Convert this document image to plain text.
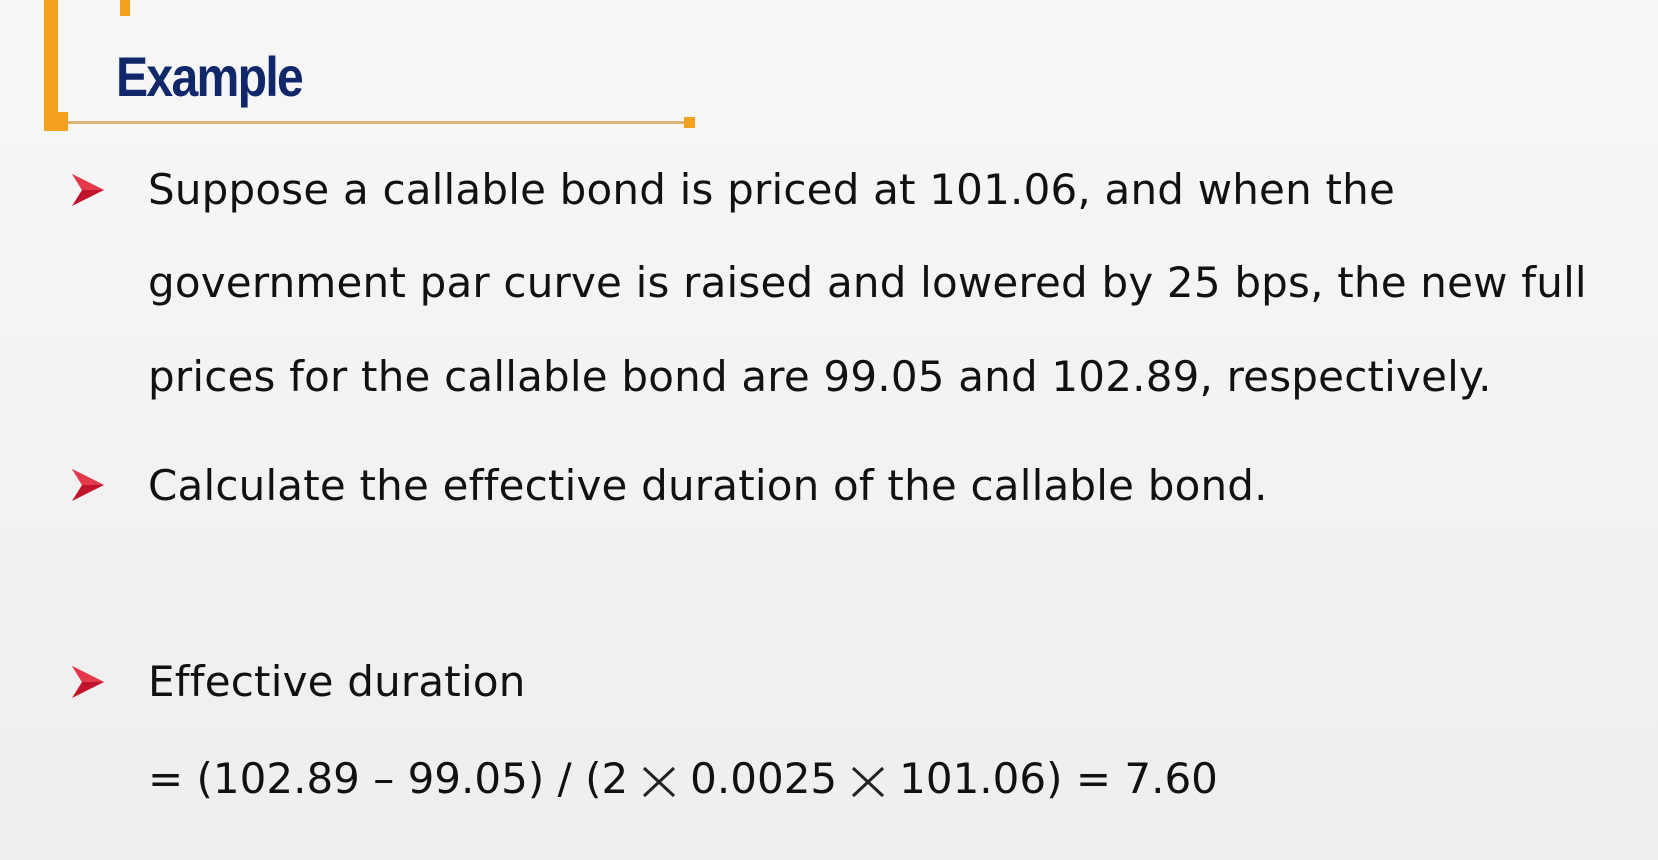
Example
Suppose a callable bond is priced at 101.06, and when the
government par curve is raised and lowered by 25 bps, the new full
prices for the callable bond are 99.05 and 102.89, respectively.
Calculate the effective duration of the callable bond.
Effective duration
= (102.89 – 99.05) / (2 0.0025 101.06) = 7.60
